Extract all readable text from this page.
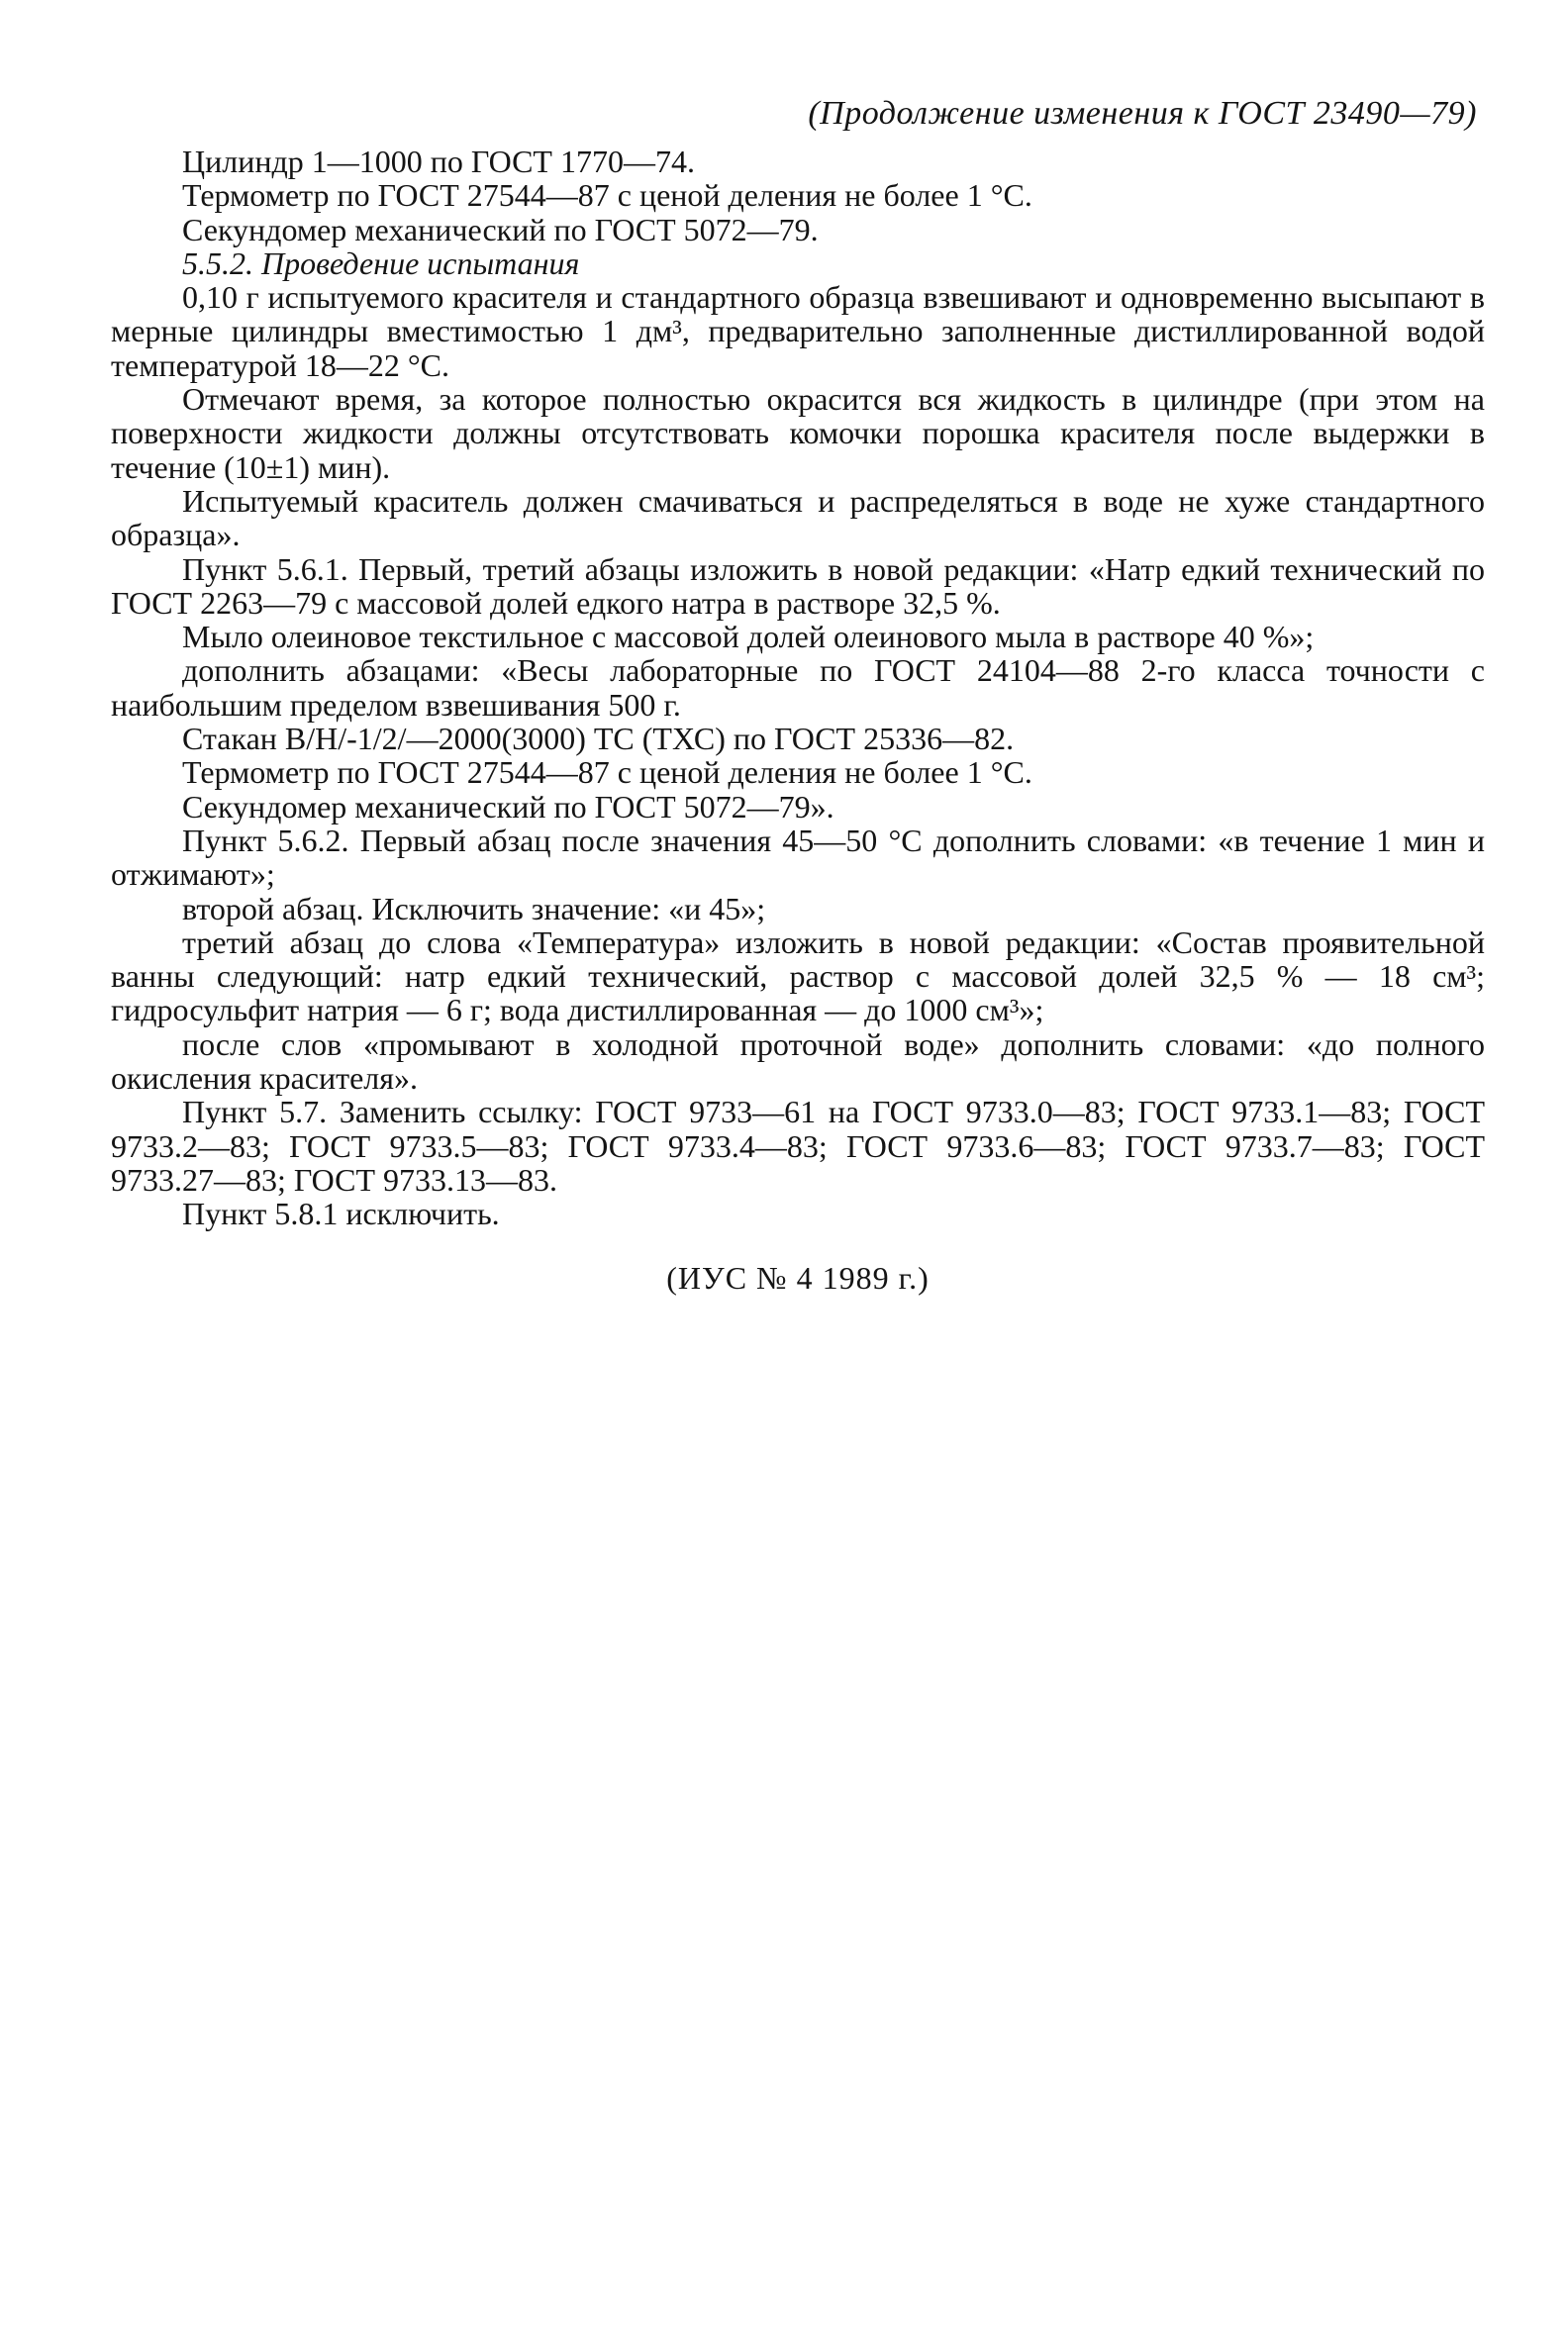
(Продолжение изменения к ГОСТ 23490—79)

Цилиндр 1—1000 по ГОСТ 1770—74.

Термометр по ГОСТ 27544—87 с ценой деления не более 1 °С.

Секундомер механический по ГОСТ 5072—79.

5.5.2. Проведение испытания

0,10 г испытуемого красителя и стандартного образца взвешивают и одновременно высыпают в мерные цилиндры вместимостью 1 дм³, предварительно заполненные дистиллированной водой температурой 18—22 °С.

Отмечают время, за которое полностью окрасится вся жидкость в цилиндре (при этом на поверхности жидкости должны отсутствовать комочки порошка красителя после выдержки в течение (10±1) мин).

Испытуемый краситель должен смачиваться и распределяться в воде не хуже стандартного образца».

Пункт 5.6.1. Первый, третий абзацы изложить в новой редакции: «Натр едкий технический по ГОСТ 2263—79 с массовой долей едкого натра в растворе 32,5 %.

Мыло олеиновое текстильное с массовой долей олеинового мыла в растворе 40 %»;

дополнить абзацами: «Весы лабораторные по ГОСТ 24104—88 2-го класса точности с наибольшим пределом взвешивания 500 г.

Стакан В/Н/-1/2/—2000(3000) ТС (ТХС) по ГОСТ 25336—82.

Термометр по ГОСТ 27544—87 с ценой деления не более 1 °С.

Секундомер механический по ГОСТ 5072—79».

Пункт 5.6.2. Первый абзац после значения 45—50 °С дополнить словами: «в течение 1 мин и отжимают»;

второй абзац. Исключить значение: «и 45»;

третий абзац до слова «Температура» изложить в новой редакции: «Состав проявительной ванны следующий: натр едкий технический, раствор с массовой долей 32,5 % — 18 см³; гидросульфит натрия — 6 г; вода дистиллированная — до 1000 см³»;

после слов «промывают в холодной проточной воде» дополнить словами: «до полного окисления красителя».

Пункт 5.7. Заменить ссылку: ГОСТ 9733—61 на ГОСТ 9733.0—83; ГОСТ 9733.1—83; ГОСТ 9733.2—83; ГОСТ 9733.5—83; ГОСТ 9733.4—83; ГОСТ 9733.6—83; ГОСТ 9733.7—83; ГОСТ 9733.27—83; ГОСТ 9733.13—83.

Пункт 5.8.1 исключить.

(ИУС № 4 1989 г.)
